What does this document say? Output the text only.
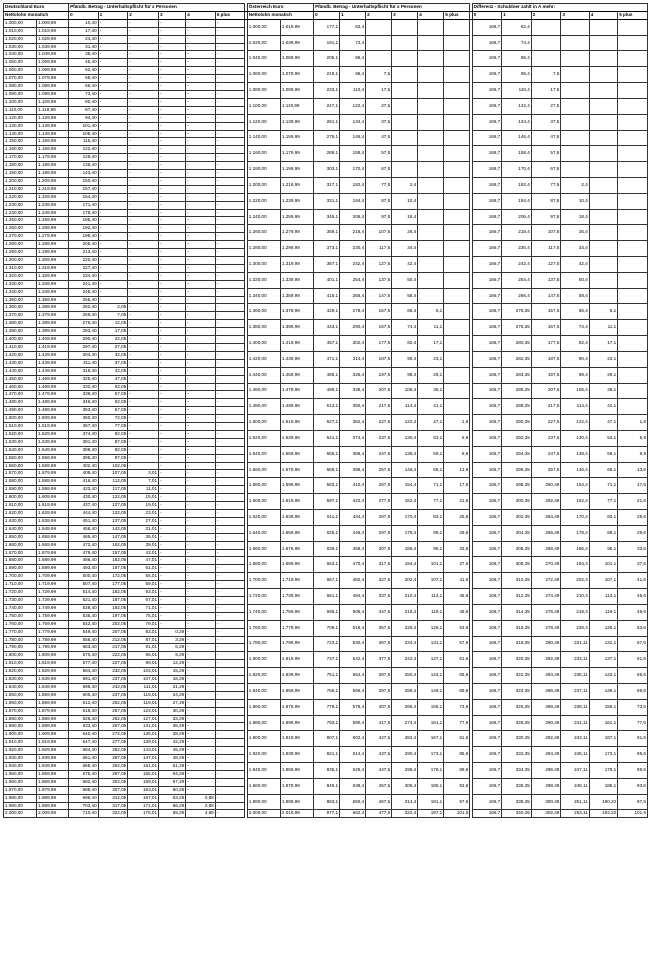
Deutschland Euro		Pfändb. Betrag - Unterhaltspflicht für x Personen							Österreich Euro		Pfändb. Betrag - Unterhaltspflicht für x Personen							Differenz - Schuldner zahlt in A mehr:					
Nettolohn monatich		0	1	2	3	4	5 plus		Nettolohn monatich		0	1	2	3	4	5 plus		0	1	2	3	4	5 plus
1.000,00	1.009,99	10,40	-	-	-	-	-		1.000,00	1.019,99	177,1	62,4						166,7	62,4				
1.010,00	1.019,99	17,40	-	-	-	-	-																
1.020,00	1.029,99	24,40	-	-	-	-	-		1.020,00	1.039,99	191,1	74,4						166,7	74,4				
1.030,00	1.039,99	31,40	-	-	-	-	-																
1.040,00	1.049,99	38,40	-	-	-	-	-		1.040,00	1.059,99	205,1	86,4						166,7	86,4				
1.050,00	1.059,99	45,40	-	-	-	-	-																
1.060,00	1.069,99	52,40	-	-	-	-	-		1.060,00	1.079,99	219,1	98,4	7,5					166,7	98,4	7,5			
1.070,00	1.079,99	59,40	-	-	-	-	-																
1.080,00	1.089,99	66,40	-	-	-	-	-		1.080,00	1.099,99	233,1	110,4	17,5					166,7	110,4	17,5			
1.090,00	1.099,99	73,40	-	-	-	-	-																
1.100,00	1.109,99	80,40	-	-	-	-	-		1.100,00	1.119,99	247,1	122,4	27,5					166,7	122,4	27,5			
1.110,00	1.119,99	87,40	-	-	-	-	-																
1.120,00	1.129,99	94,40	-	-	-	-	-		1.120,00	1.139,99	261,1	134,4	37,5					166,7	134,4	37,5			
1.130,00	1.139,99	101,40	-	-	-	-	-																
1.140,00	1.149,99	108,40	-	-	-	-	-		1.140,00	1.159,99	275,1	146,4	47,5					166,7	146,4	47,5			
1.150,00	1.159,99	115,40	-	-	-	-	-																
1.160,00	1.169,99	122,40	-	-	-	-	-		1.160,00	1.179,99	289,1	158,4	57,5					166,7	158,4	57,5			
1.170,00	1.179,99	129,40	-	-	-	-	-																
1.180,00	1.189,99	136,40	-	-	-	-	-		1.180,00	1.199,99	303,1	170,4	67,5					166,7	170,4	67,5			
1.190,00	1.199,99	143,40	-	-	-	-	-																
1.200,00	1.209,99	150,40	-	-	-	-	-		1.200,00	1.219,99	317,1	182,4	77,5	2,4				166,7	182,4	77,5	2,4		
1.210,00	1.219,99	157,40	-	-	-	-	-																
1.220,00	1.229,99	164,40	-	-	-	-	-		1.220,00	1.239,99	331,1	194,4	87,5	10,4				166,7	194,4	87,5	10,4		
1.230,00	1.239,99	171,40	-	-	-	-	-																
1.240,00	1.249,99	178,40	-	-	-	-	-		1.240,00	1.259,99	345,1	206,4	97,5	18,4				166,7	206,4	97,5	18,4		
1.250,00	1.259,99	185,40	-	-	-	-	-																
1.260,00	1.269,99	192,40	-	-	-	-	-		1.260,00	1.279,99	359,1	218,4	107,5	26,4				166,7	218,4	107,5	26,4		
1.270,00	1.279,99	199,40	-	-	-	-	-																
1.280,00	1.289,99	206,40	-	-	-	-	-		1.280,00	1.299,99	373,1	230,4	117,5	34,4				166,7	230,4	117,5	34,4		
1.290,00	1.299,99	213,40	-	-	-	-	-																
1.300,00	1.309,99	220,40	-	-	-	-	-		1.300,00	1.319,99	387,1	242,4	127,5	42,4				166,7	242,4	127,5	42,4		
1.310,00	1.319,99	227,40	-	-	-	-	-																
1.320,00	1.329,99	234,40	-	-	-	-	-		1.320,00	1.339,99	401,1	254,4	137,5	50,4				166,7	254,4	137,5	50,4		
1.330,00	1.339,99	241,40	-	-	-	-	-																
1.340,00	1.349,99	248,40	-	-	-	-	-		1.340,00	1.359,99	415,1	266,4	147,5	58,4				166,7	266,4	147,5	58,4		
1.350,00	1.359,99	255,40	-	-	-	-	-																
1.360,00	1.369,99	262,40	2,05	-	-	-	-		1.360,00	1.379,99	429,1	278,4	157,5	66,4	5,1			166,7	276,35	157,5	66,4	5,1	
1.370,00	1.379,99	269,40	7,05	-	-	-	-																
1.380,00	1.389,99	276,40	12,05	-	-	-	-		1.380,00	1.399,99	443,1	290,4	167,5	74,4	11,1			166,7	278,35	167,5	74,4	11,1	
1.390,00	1.399,99	283,40	17,05	-	-	-	-																
1.400,00	1.409,99	290,40	22,05	-	-	-	-		1.400,00	1.419,99	457,1	302,4	177,5	82,4	17,1			166,7	280,35	177,5	82,4	17,1	
1.410,00	1.419,99	297,40	27,05	-	-	-	-																
1.420,00	1.429,99	304,40	32,05	-	-	-	-		1.420,00	1.439,99	471,1	314,4	187,5	90,4	23,1			166,7	282,35	187,5	90,4	23,1	
1.430,00	1.439,99	311,40	37,05	-	-	-	-																
1.440,00	1.449,99	318,40	42,05	-	-	-	-		1.440,00	1.459,99	485,1	326,4	197,5	98,4	29,1			166,7	284,35	197,5	98,4	29,1	
1.450,00	1.459,99	325,40	47,05	-	-	-	-																
1.460,00	1.469,99	332,40	52,05	-	-	-	-		1.460,00	1.479,99	499,1	338,4	207,5	106,4	35,1			166,7	286,35	207,5	106,4	35,1	
1.470,00	1.479,99	339,40	57,05	-	-	-	-																
1.480,00	1.489,99	346,40	62,05	-	-	-	-		1.480,00	1.499,99	513,1	350,4	217,5	114,4	41,1			166,7	288,35	217,5	114,4	41,1	
1.490,00	1.499,99	353,40	67,05	-	-	-	-																
1.500,00	1.509,99	360,40	72,05	-	-	-	-		1.500,00	1.519,99	527,1	362,4	227,5	122,4	47,1	1,6		166,7	290,35	227,5	122,4	47,1	1,6
1.510,00	1.519,99	367,40	77,05	-	-	-	-																
1.520,00	1.529,99	374,40	82,05	-	-	-	-		1.520,00	1.539,99	541,1	374,4	237,5	130,4	53,1	5,6		166,7	292,35	237,5	130,4	53,1	5,6
1.530,00	1.539,99	381,40	87,05	-	-	-	-																
1.540,00	1.549,99	388,40	92,05	-	-	-	-		1.540,00	1.559,99	555,1	386,4	247,5	138,4	59,1	9,6		166,7	294,35	247,5	138,4	59,1	9,6
1.550,00	1.559,99	395,40	97,05	-	-	-	-																
1.560,00	1.569,99	402,40	102,05	-	-	-	-		1.560,00	1.579,99	569,1	398,4	257,5	146,4	65,1	13,6		166,7	296,35	257,5	146,4	65,1	13,6
1.570,00	1.579,99	409,40	107,05	3,01	-	-	-																
1.580,00	1.589,99	416,40	112,05	7,01	-	-	-		1.580,00	1.599,99	583,1	410,4	267,5	154,4	71,1	17,6		166,7	298,35	260,49	154,4	71,1	17,6
1.590,00	1.599,99	423,40	117,05	11,01	-	-	-																
1.600,00	1.609,99	430,40	122,05	15,01	-	-	-		1.600,00	1.619,99	597,1	422,4	277,5	162,4	77,1	21,6		166,7	300,35	262,49	162,4	77,1	21,6
1.610,00	1.619,99	437,40	127,05	19,01	-	-	-																
1.620,00	1.629,99	444,40	132,05	23,01	-	-	-		1.620,00	1.639,99	611,1	434,4	287,5	170,4	83,1	25,6		166,7	302,35	264,49	170,4	83,1	25,6
1.630,00	1.639,99	451,40	137,05	27,01	-	-	-																
1.640,00	1.649,99	458,40	142,05	31,01	-	-	-		1.640,00	1.659,99	625,1	446,4	297,5	178,4	89,1	29,6		166,7	304,35	266,49	178,4	89,1	29,6
1.650,00	1.659,99	465,40	147,05	35,01	-	-	-																
1.660,00	1.669,99	472,40	152,05	39,01	-	-	-		1.660,00	1.679,99	639,1	458,4	307,5	186,4	95,1	33,6		166,7	306,35	268,49	186,4	95,1	33,6
1.670,00	1.679,99	479,40	157,05	43,01	-	-	-																
1.680,00	1.689,99	486,40	162,05	47,01	-	-	-		1.680,00	1.699,99	653,1	470,4	317,5	194,4	101,1	37,6		166,7	308,35	270,49	194,4	101,1	37,6
1.690,00	1.699,99	493,40	167,05	51,01	-	-	-																
1.700,00	1.709,99	500,40	172,05	55,01	-	-	-		1.700,00	1.719,99	667,1	482,4	327,5	202,4	107,1	41,6		166,7	310,35	272,49	202,4	107,1	41,6
1.710,00	1.719,99	507,40	177,05	59,01	-	-	-																
1.720,00	1.729,99	514,40	182,05	63,01	-	-	-		1.720,00	1.739,99	681,1	494,4	337,5	210,4	113,1	45,6		166,7	312,35	274,49	210,4	113,1	45,6
1.730,00	1.739,99	521,40	187,05	67,01	-	-	-																
1.740,00	1.749,99	528,40	192,05	71,01	-	-	-		1.740,00	1.759,99	695,1	506,4	347,5	218,4	119,1	49,6		166,7	314,35	276,49	218,4	119,1	49,6
1.750,00	1.759,99	535,40	197,05	75,01	-	-	-																
1.760,00	1.769,99	542,40	202,05	79,01	-	-	-		1.760,00	1.779,99	709,1	518,4	357,5	226,4	125,1	53,6		166,7	316,35	278,49	226,4	125,1	53,6
1.770,00	1.779,99	549,40	207,05	83,01	0,29	-	-																
1.780,00	1.789,99	556,40	212,05	87,01	3,29	-	-		1.780,00	1.799,99	723,1	530,4	367,5	234,4	131,1	57,6		166,7	318,35	280,49	231,11	131,1	57,6
1.790,00	1.799,99	563,40	217,05	91,01	6,29	-	-																
1.800,00	1.809,99	570,40	222,05	95,01	9,29	-	-		1.800,00	1.819,99	737,1	542,4	377,5	242,4	137,1	61,6		166,7	320,35	282,49	233,11	137,1	61,6
1.810,00	1.819,99	577,40	227,05	99,01	12,29	-	-																
1.820,00	1.829,99	584,40	232,05	103,01	15,29	-	-		1.820,00	1.839,99	751,1	554,4	387,5	250,4	143,1	65,6		166,7	322,35	284,49	235,11	143,1	65,6
1.830,00	1.839,99	591,40	237,05	107,01	18,29	-	-																
1.840,00	1.849,99	598,40	242,05	111,01	21,29	-	-		1.840,00	1.859,99	765,1	566,4	397,5	258,4	149,1	69,6		166,7	324,35	286,49	237,11	149,1	69,6
1.850,00	1.859,99	605,40	247,05	115,01	24,29	-	-																
1.860,00	1.869,99	612,40	252,05	119,01	27,29	-	-		1.860,00	1.879,99	779,1	578,4	407,5	266,4	155,1	73,6		166,7	326,35	288,49	239,11	155,1	73,6
1.870,00	1.879,99	619,40	257,05	123,01	30,29	-	-																
1.880,00	1.889,99	626,40	262,05	127,01	33,29	-	-		1.880,00	1.899,99	793,1	590,4	417,5	274,4	161,1	77,6		166,7	328,35	290,49	241,11	161,1	77,6
1.890,00	1.899,99	633,40	267,05	131,01	36,29	-	-																
1.900,00	1.909,99	640,40	272,05	135,01	39,29	-	-		1.900,00	1.919,99	807,1	602,4	427,5	282,4	167,1	81,6		166,7	330,35	292,49	243,11	167,1	81,6
1.910,00	1.919,99	647,40	277,05	139,01	42,29	-	-																
1.920,00	1.929,99	654,40	282,05	143,01	45,29	-	-		1.920,00	1.939,99	821,1	614,4	437,5	290,4	173,1	85,6		166,7	332,35	294,49	245,11	173,1	85,6
1.930,00	1.939,99	661,40	287,05	147,01	48,29	-	-																
1.940,00	1.949,99	668,40	292,05	151,01	51,29	-	-		1.940,00	1.959,99	835,1	626,4	447,5	298,4	179,1	89,6		166,7	334,35	296,49	247,11	179,1	89,6
1.950,00	1.959,99	675,40	297,05	155,01	54,29	-	-																
1.960,00	1.969,99	682,40	302,05	159,01	57,29	-	-		1.960,00	1.979,99	849,1	638,4	457,5	306,4	185,1	93,6		166,7	336,35	298,49	249,11	185,1	93,6
1.970,00	1.979,99	689,40	307,05	163,01	60,29	-	-																
1.980,00	1.989,99	696,40	312,05	167,01	63,29	0,88	-		1.980,00	1.999,99	863,1	650,4	467,5	314,4	191,1	97,6		166,7	338,35	300,49	251,11	190,22	97,6
1.990,00	1.999,99	703,40	317,05	171,01	66,29	2,88	-																
2.000,00	2.009,99	710,40	322,05	175,01	69,29	4,88	-		2.000,00	2.019,99	877,1	662,4	477,5	322,4	197,1	101,6		166,7	340,35	302,49	253,11	192,22	101,6
